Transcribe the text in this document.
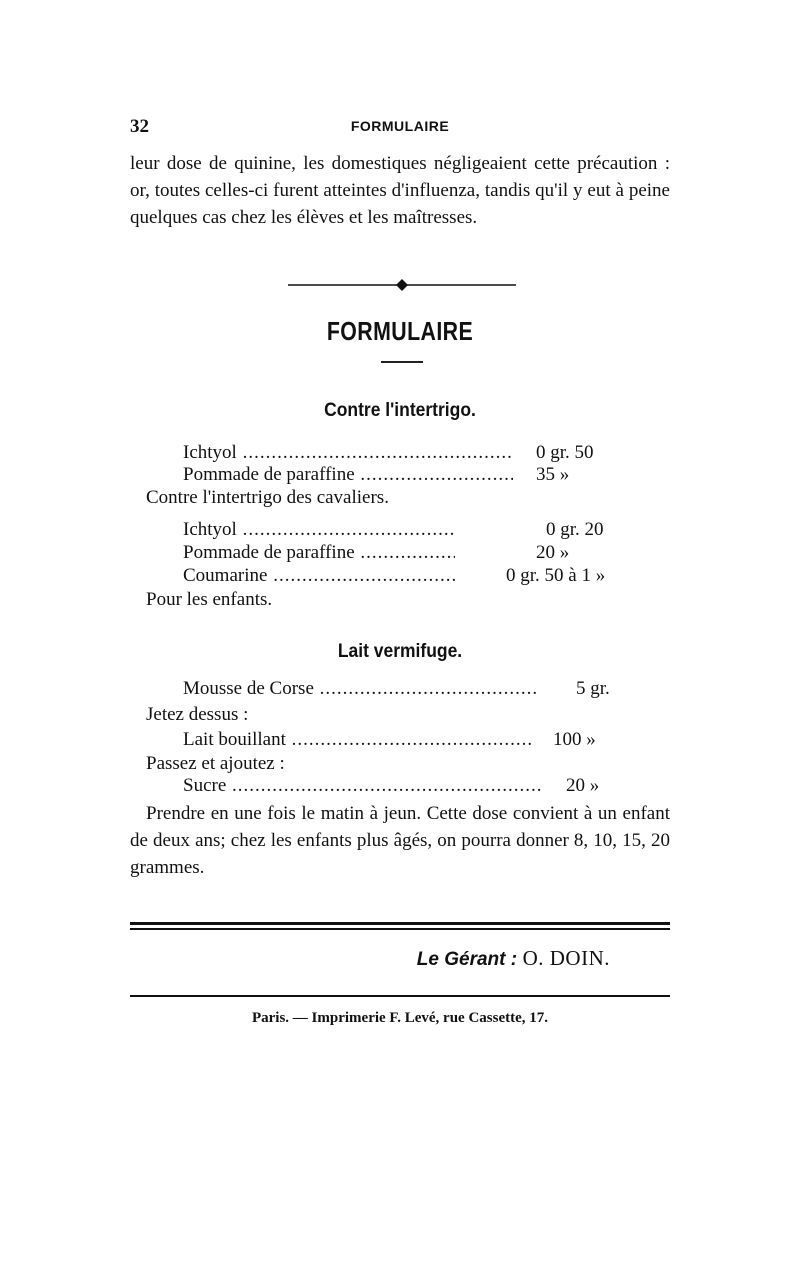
32	FORMULAIRE

leur dose de quinine, les domestiques négligeaient cette précaution : or, toutes celles-ci furent atteintes d'influenza, tandis qu'il y eut à peine quelques cas chez les élèves et les maîtresses.

FORMULAIRE
Contre l'intertrigo.
Ichtyol .....	0 gr. 50
Pommade de paraffine .....	35 »

Contre l'intertrigo des cavaliers.

Ichtyol .....	0 gr. 20
Pommade de paraffine .....	20 »
Coumarine .....	0 gr. 50 à 1 »

Pour les enfants.

Lait vermifuge.
Mousse de Corse .....	5 gr.

Jetez dessus :

Lait bouillant .....	100 »

Passez et ajoutez :

Sucre .....	20 »

Prendre en une fois le matin à jeun. Cette dose convient à un enfant de deux ans; chez les enfants plus âgés, on pourra donner 8, 10, 15, 20 grammes.

Le Gérant : O. DOIN.

Paris. — Imprimerie F. Levé, rue Cassette, 17.
